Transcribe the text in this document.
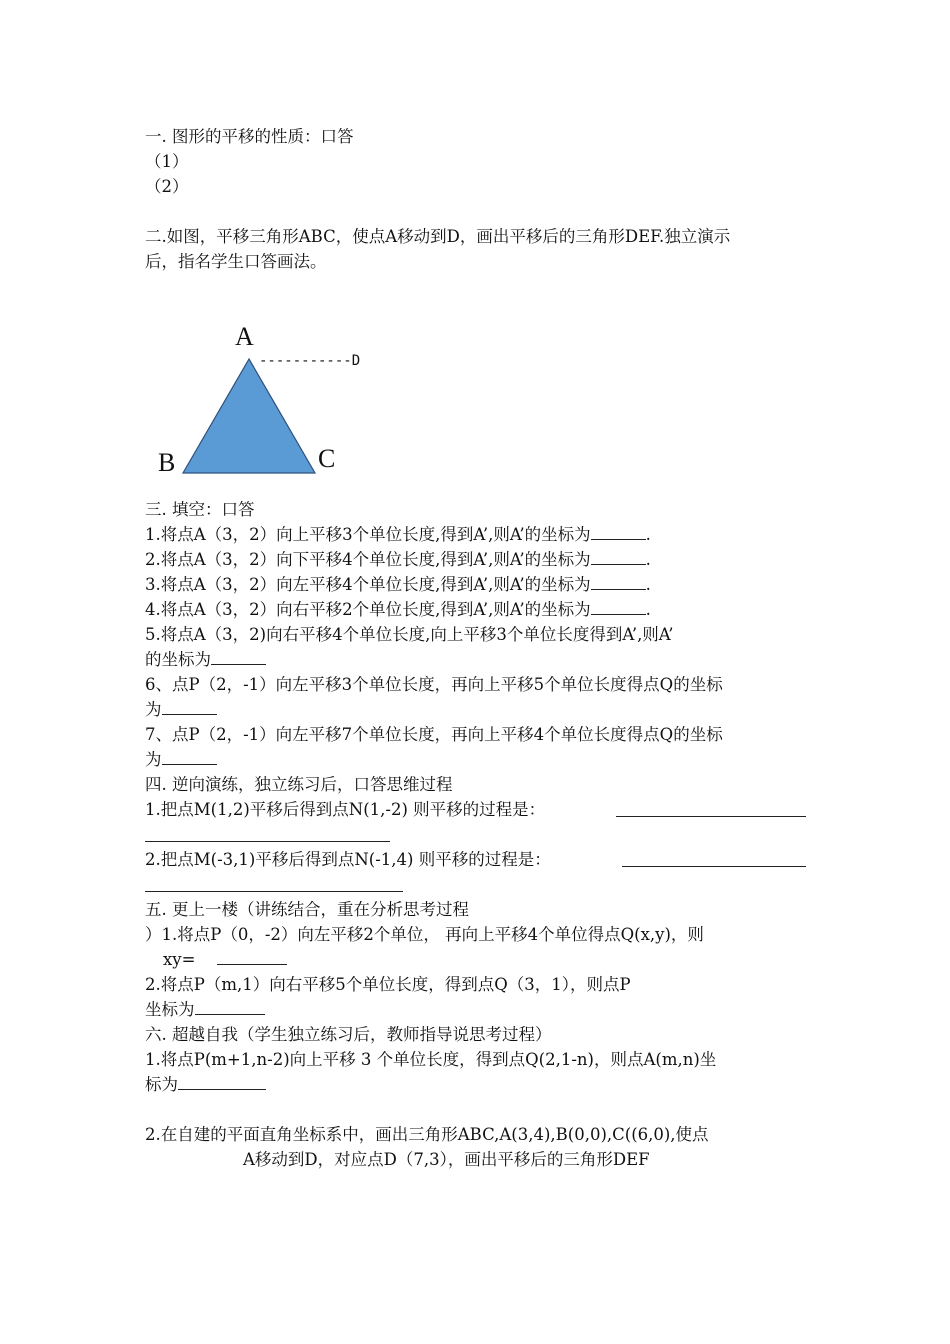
一. 图形的平移的性质：口答
（1）
（2）
二.如图，平移三角形ABC，使点A移动到D，画出平移后的三角形DEF.独立演示
后，指名学生口答画法。
A
B	C
-----------D
三. 填空：口答
1.将点A（3，2）向上平移3个单位长度,得到A’,则A’的坐标为	.
2.将点A（3，2）向下平移4个单位长度,得到A’,则A’的坐标为	.
3.将点A（3，2）向左平移4个单位长度,得到A’,则A’的坐标为	.
4.将点A（3，2）向右平移2个单位长度,得到A’,则A’的坐标为	.
5.将点A（3，2)向右平移4个单位长度,向上平移3个单位长度得到A’,则A’
的坐标为
6、点P（2，-1）向左平移3个单位长度，再向上平移5个单位长度得点Q的坐标
为
7、点P（2，-1）向左平移7个单位长度，再向上平移4个单位长度得点Q的坐标
为
四. 逆向演练，独立练习后，口答思维过程
1.把点M(1,2)平移后得到点N(1,-2) 则平移的过程是：
2.把点M(-3,1)平移后得到点N(-1,4) 则平移的过程是：
五. 更上一楼（讲练结合，重在分析思考过程
）1.将点P（0，-2）向左平移2个单位， 再向上平移4个单位得点Q(x,y)，则
xy=
2.将点P（m,1）向右平移5个单位长度，得到点Q（3，1），则点P
坐标为
六. 超越自我（学生独立练习后，教师指导说思考过程）
1.将点P(m+1,n-2)向上平移 3 个单位长度，得到点Q(2,1-n)，则点A(m,n)坐
标为
2.在自建的平面直角坐标系中，画出三角形ABC,A(3,4),B(0,0),C((6,0),使点
A移动到D，对应点D（7,3），画出平移后的三角形DEF
